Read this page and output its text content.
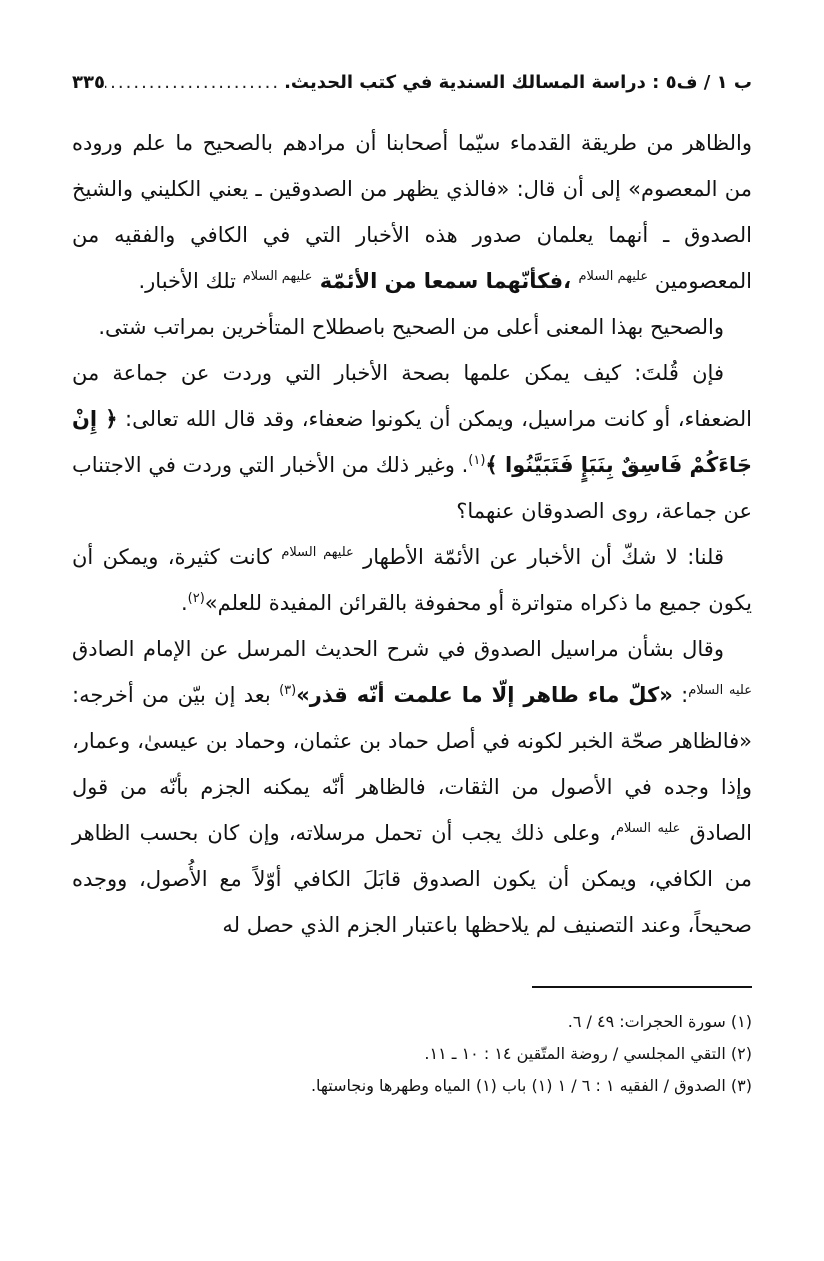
ب ١ / ف٥ :

دراسة المسالك السندية في كتب الحديث.
.....
٣٣٥

والظاهر من طريقة القدماء سيّما أصحابنا أن مرادهم بالصحيح ما علم وروده من المعصوم» إلى أن قال: «فالذي يظهر من الصدوقين ـ يعني الكليني والشيخ الصدوق ـ أنهما يعلمان صدور هذه الأخبار التي في الكافي والفقيه من المعصومين $^{عليهم السلام}$ ،فكأنّهما سمعا من الأئمّة $^{عليهم السلام}$ تلك الأخبار.

والصحيح بهذا المعنى أعلى من الصحيح باصطلاح المتأخرين بمراتب شتى.

فإن قُلتَ: كيف يمكن علمها بصحة الأخبار التي وردت عن جماعة من الضعفاء، أو كانت مراسيل، ويمكن أن يكونوا ضعفاء، وقد قال الله تعالى: ﴿ إِنْ جَاءَكُمْ فَاسِقٌ بِنَبَإٍ فَتَبَيَّنُوا ﴾$^{(١)}$. وغير ذلك من الأخبار التي وردت في الاجتناب عن جماعة، روى الصدوقان عنهما؟

قلنا: لا شكّ أن الأخبار عن الأئمّة الأطهار $^{عليهم السلام}$ كانت كثيرة، ويمكن أن يكون جميع ما ذكراه متواترة أو محفوفة بالقرائن المفيدة للعلم»$^{(٢)}$.

وقال بشأن مراسيل الصدوق في شرح الحديث المرسل عن الإمام الصادق $^{عليه السلام}$: «كلّ ماء طاهر إلّا ما علمت أنّه قذر»$^{(٣)}$ بعد إن بيّن من أخرجه: «فالظاهر صحّة الخبر لكونه في أصل حماد بن عثمان، وحماد بن عيسىٰ، وعمار، وإذا وجده في الأصول من الثقات، فالظاهر أنّه يمكنه الجزم بأنّه من قول الصادق $^{عليه السلام}$، وعلى ذلك يجب أن تحمل مرسلاته، وإن كان بحسب الظاهر من الكافي، ويمكن أن يكون الصدوق قابَلَ الكافي أوّلاً مع الأُصول، ووجده صحيحاً، وعند التصنيف لم يلاحظها باعتبار الجزم الذي حصل له

(١) سورة الحجرات: ٤٩ / ٦.

(٢) التقي المجلسي / روضة المتّقين ١٤ : ١٠ ـ ١١.

(٣) الصدوق / الفقيه ١ : ٦ / ١ (١) باب (١) المياه وطهرها ونجاستها.
